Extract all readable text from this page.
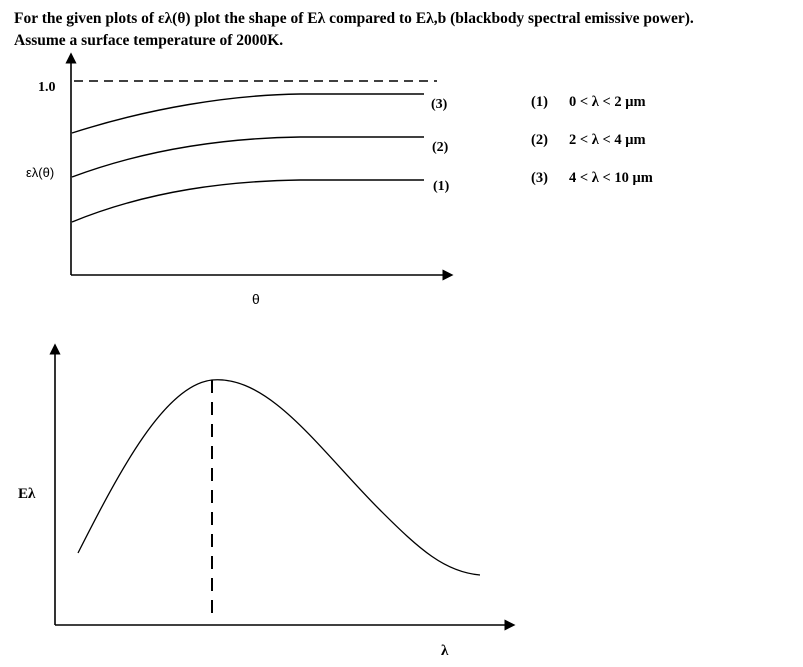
For the given plots of ελ(θ) plot the shape of Eλ compared to Eλ,b (blackbody spectral emissive power).
Assume a surface temperature of 2000K.
1.0
ελ(θ)
θ
(3)
(2)
(1)
Eλ
λ
(1) 0 < λ < 2 μm
(2) 2 < λ < 4 μm
(3) 4 < λ < 10 μm
